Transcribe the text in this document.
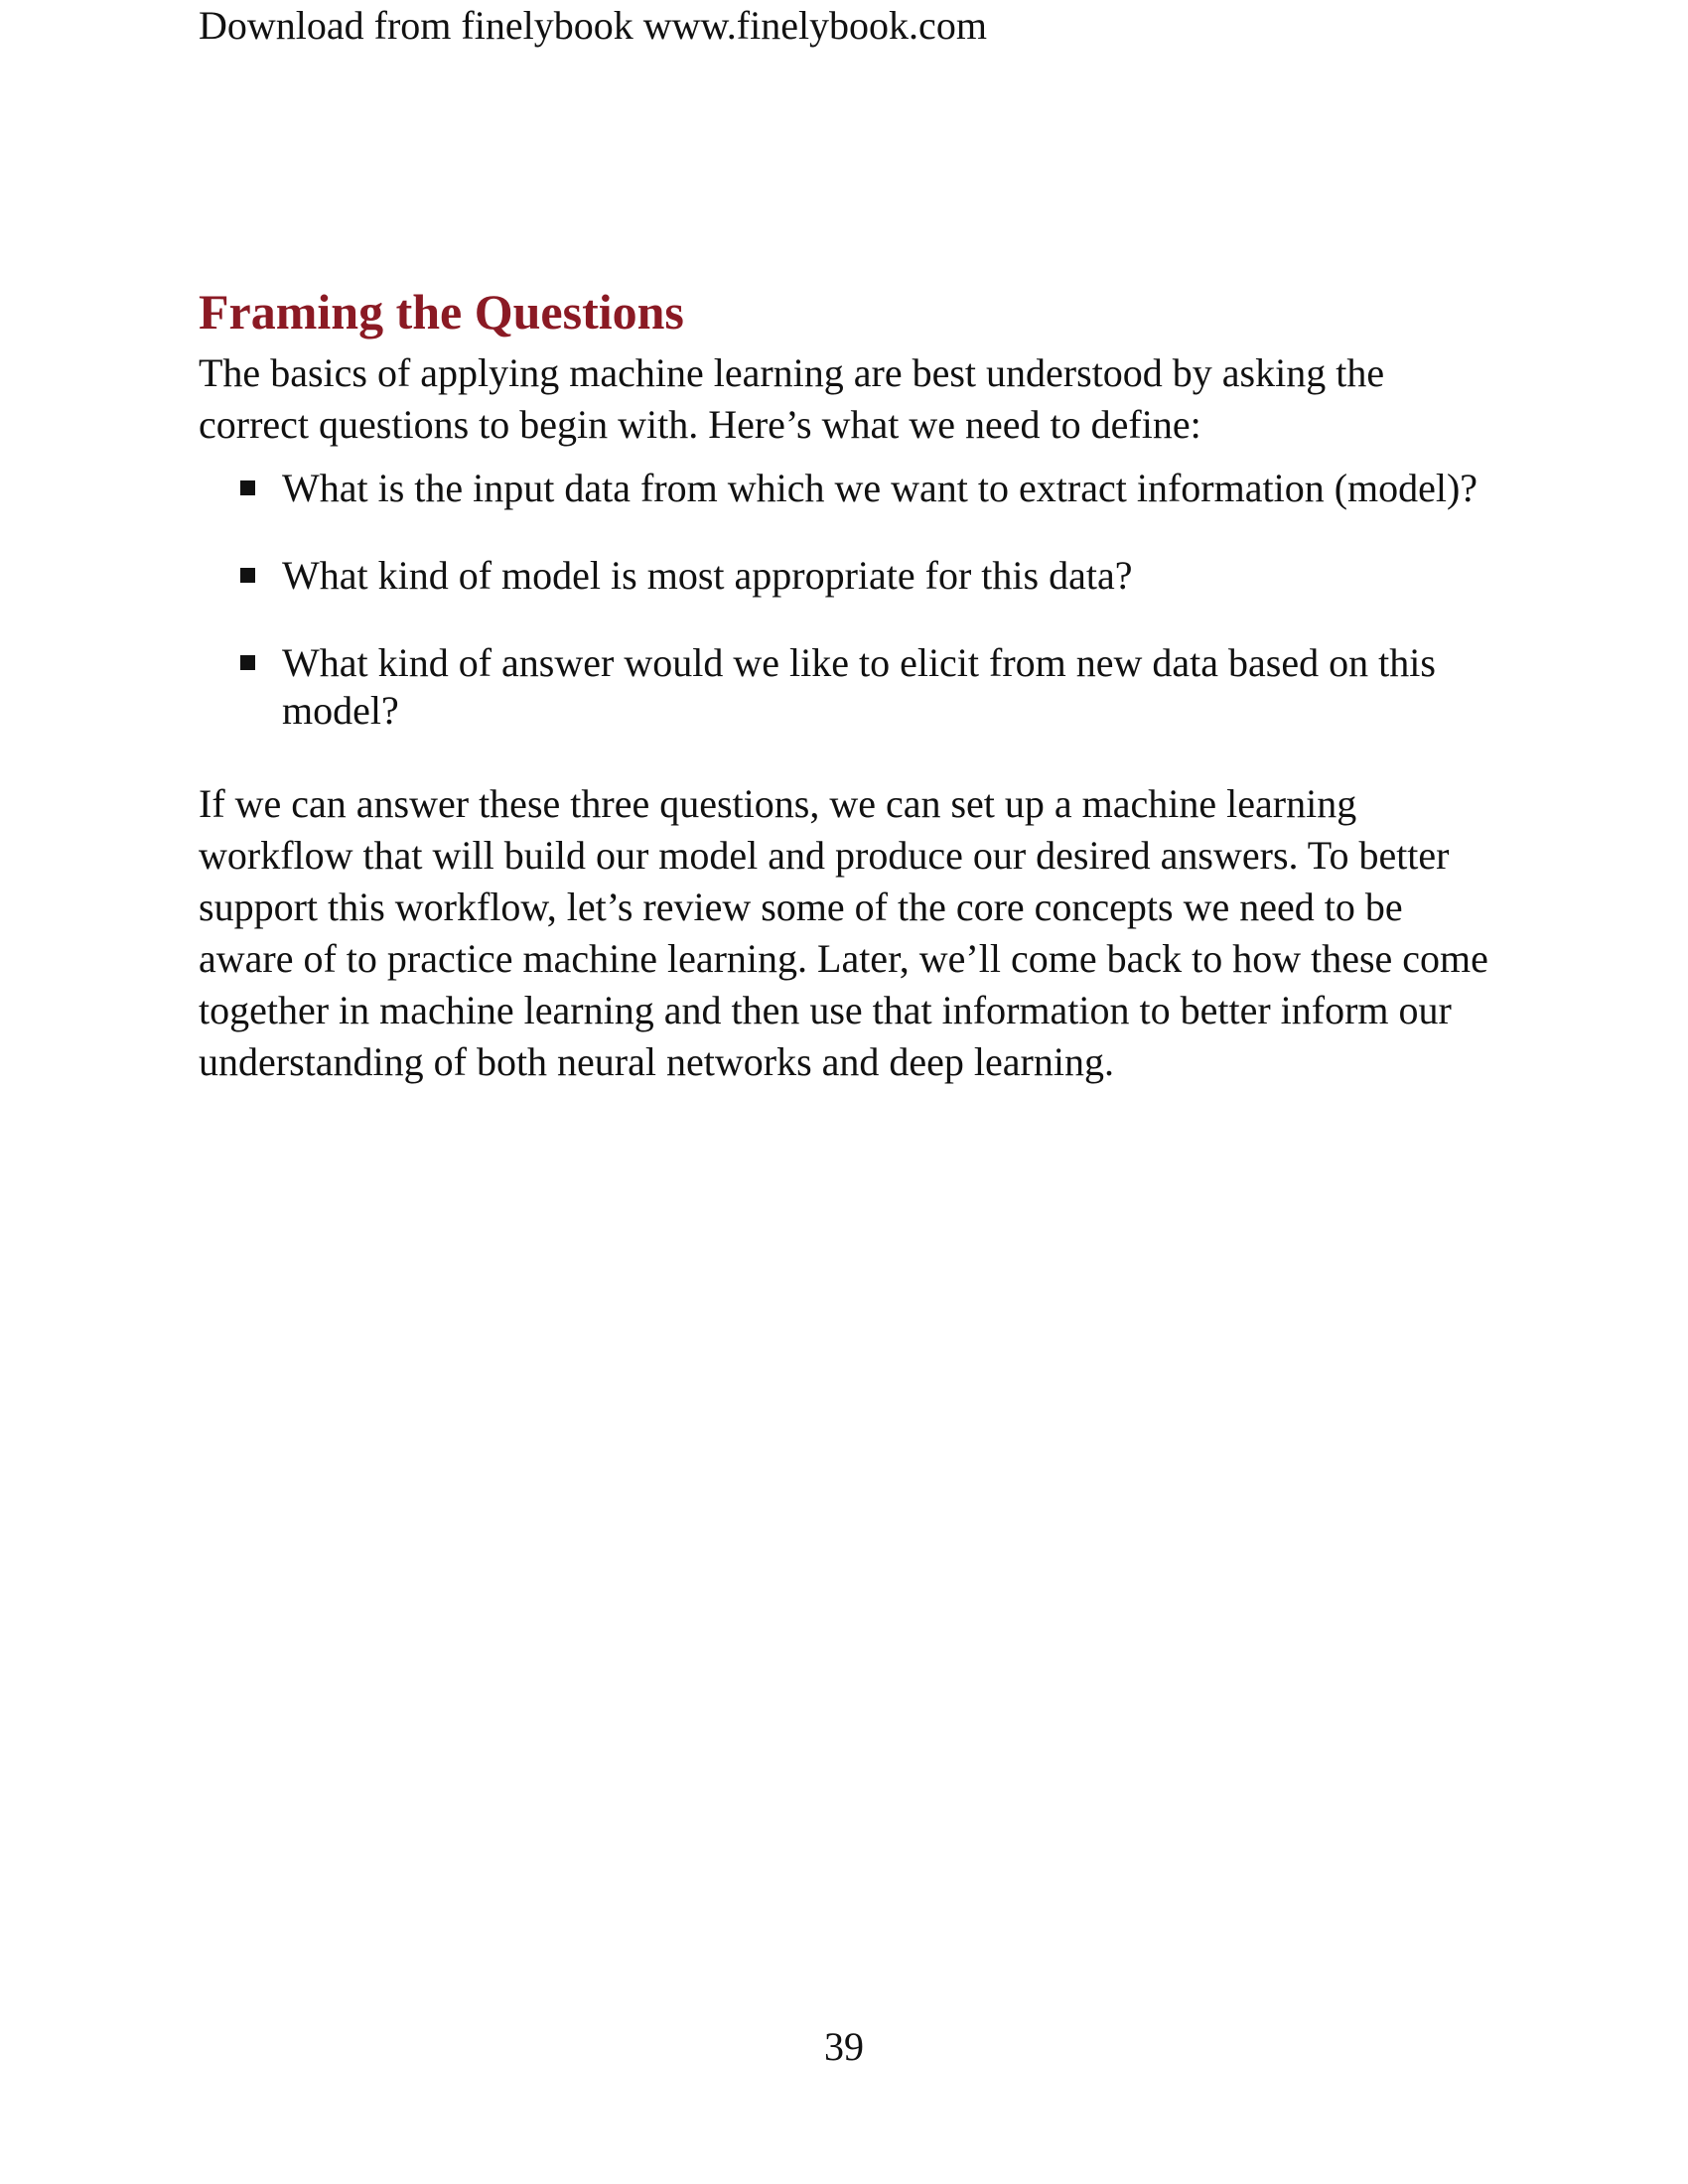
Download from finelybook www.finelybook.com
Framing the Questions

The basics of applying machine learning are best understood by asking the correct questions to begin with. Here’s what we need to define:

What is the input data from which we want to extract information (model)?
What kind of model is most appropriate for this data?
What kind of answer would we like to elicit from new data based on this model?

If we can answer these three questions, we can set up a machine learning workflow that will build our model and produce our desired answers. To better support this workflow, let’s review some of the core concepts we need to be aware of to practice machine learning. Later, we’ll come back to how these come together in machine learning and then use that information to better inform our understanding of both neural networks and deep learning.

39
